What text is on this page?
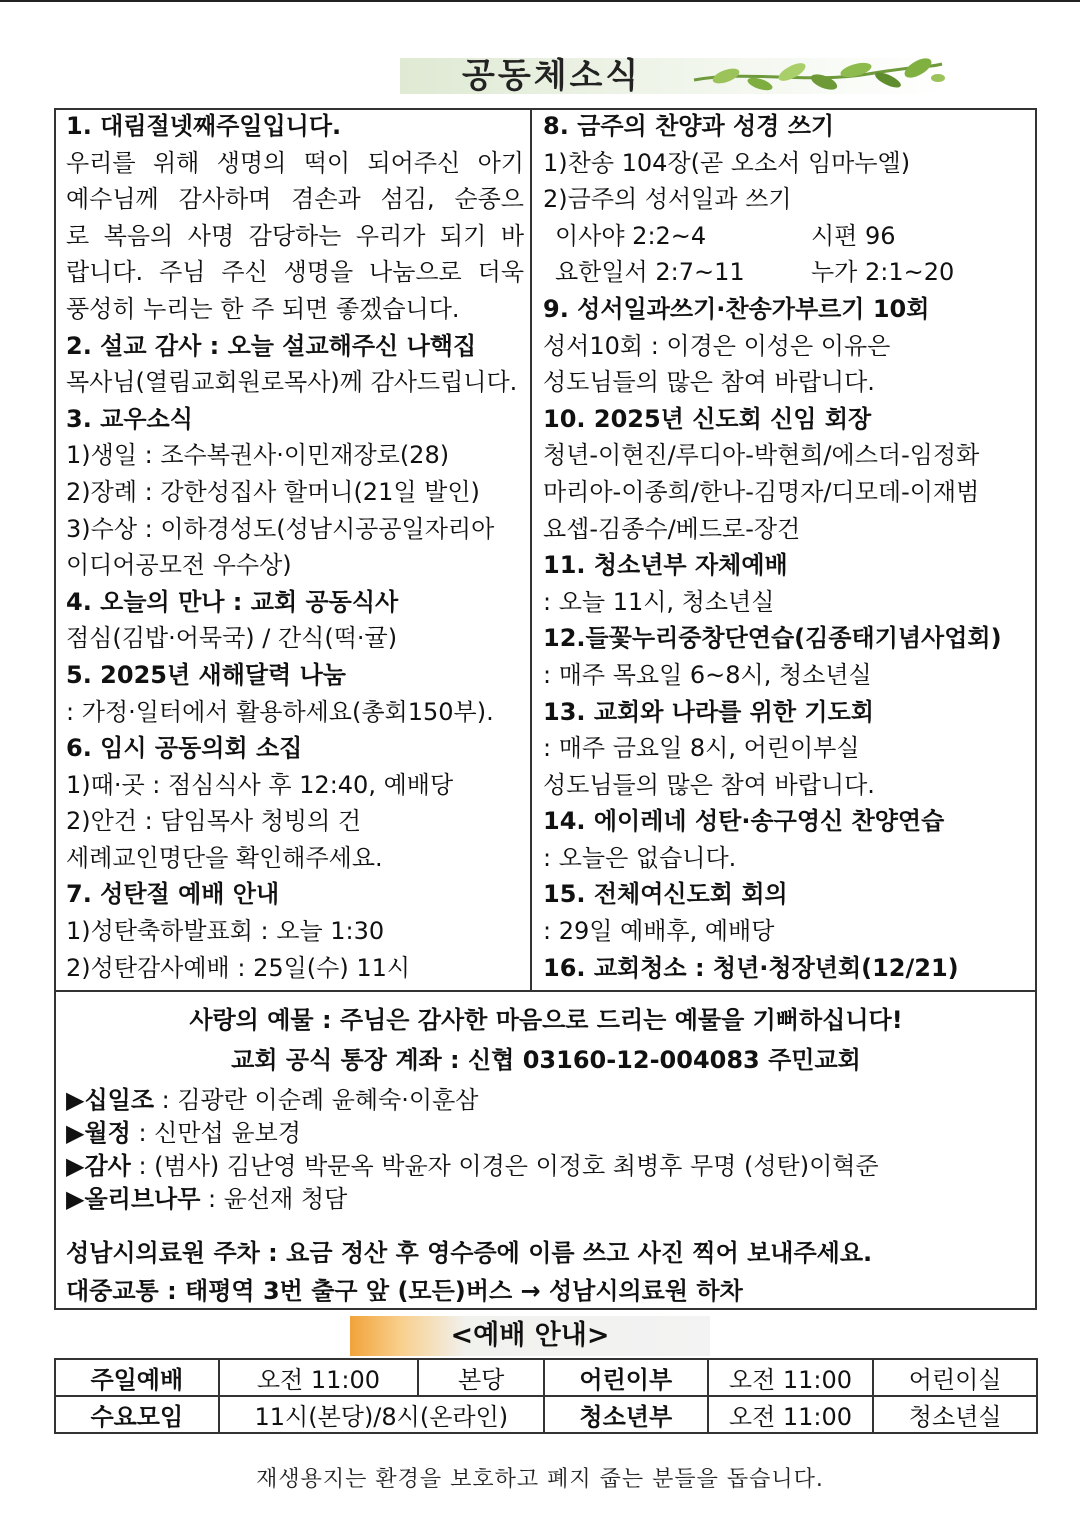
공동체소식
1. 대림절넷째주일입니다.
우리를 위해 생명의 떡이 되어주신 아기
예수님께 감사하며 겸손과 섬김, 순종으
로 복음의 사명 감당하는 우리가 되기 바
랍니다. 주님 주신 생명을 나눔으로 더욱
풍성히 누리는 한 주 되면 좋겠습니다.
2. 설교 감사 : 오늘 설교해주신 나핵집
목사님(열림교회원로목사)께 감사드립니다.
3. 교우소식
1)생일 : 조수복권사·이민재장로(28)
2)장례 : 강한성집사 할머니(21일 발인)
3)수상 : 이하경성도(성남시공공일자리아
이디어공모전 우수상)
4. 오늘의 만나 : 교회 공동식사
점심(김밥·어묵국) / 간식(떡·귤)
5. 2025년 새해달력 나눔
: 가정·일터에서 활용하세요(총회150부).
6. 임시 공동의회 소집
1)때·곳 : 점심식사 후 12:40, 예배당
2)안건 : 담임목사 청빙의 건
세례교인명단을 확인해주세요.
7. 성탄절 예배 안내
1)성탄축하발표회 : 오늘 1:30
2)성탄감사예배 : 25일(수) 11시
8. 금주의 찬양과 성경 쓰기
1)찬송 104장(곧 오소서 임마누엘)
2)금주의 성서일과 쓰기
이사야 2:2~4	시편 96
요한일서 2:7~11	누가 2:1~20
9. 성서일과쓰기·찬송가부르기 10회
성서10회 : 이경은 이성은 이유은
성도님들의 많은 참여 바랍니다.
10. 2025년 신도회 신임 회장
청년-이현진/루디아-박현희/에스더-임정화
마리아-이종희/한나-김명자/디모데-이재범
요셉-김종수/베드로-장건
11. 청소년부 자체예배
: 오늘 11시, 청소년실
12.들꽃누리중창단연습(김종태기념사업회)
: 매주 목요일 6~8시, 청소년실
13. 교회와 나라를 위한 기도회
: 매주 금요일 8시, 어린이부실
성도님들의 많은 참여 바랍니다.
14. 에이레네 성탄·송구영신 찬양연습
: 오늘은 없습니다.
15. 전체여신도회 회의
: 29일 예배후, 예배당
16. 교회청소 : 청년·청장년회(12/21)
사랑의 예물 : 주님은 감사한 마음으로 드리는 예물을 기뻐하십니다!
교회 공식 통장 계좌 : 신협 03160-12-004083 주민교회
▶십일조 : 김광란 이순례 윤혜숙·이훈삼
▶월정 : 신만섭 윤보경
▶감사 : (범사) 김난영 박문옥 박윤자 이경은 이정호 최병후 무명 (성탄)이혁준
▶올리브나무 : 윤선재 청담
성남시의료원 주차 : 요금 정산 후 영수증에 이름 쓰고 사진 찍어 보내주세요.
대중교통 : 태평역 3번 출구 앞 (모든)버스 → 성남시의료원 하차
<예배 안내>
주일예배	오전 11:00	본당	어린이부	오전 11:00	어린이실
수요모임	11시(본당)/8시(온라인)		청소년부	오전 11:00	청소년실
재생용지는 환경을 보호하고 폐지 줍는 분들을 돕습니다.
